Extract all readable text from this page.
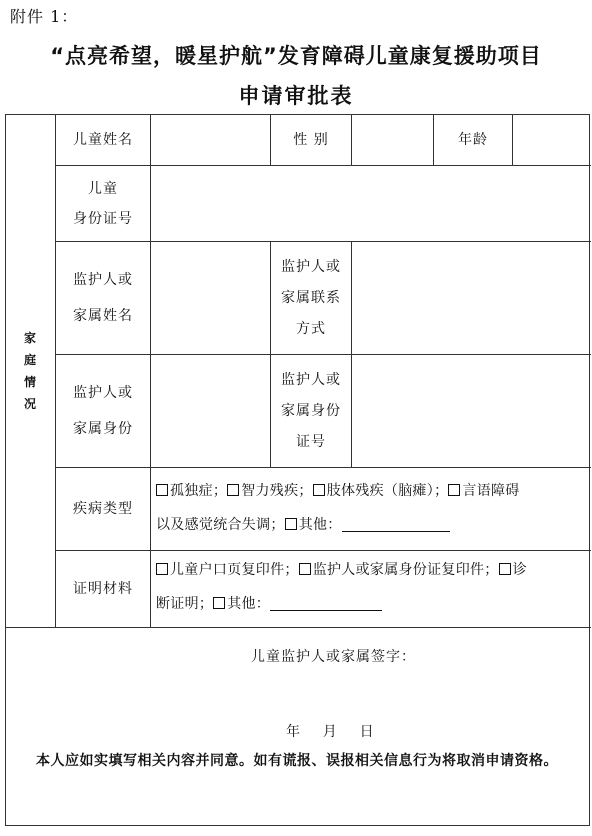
附件 1：
“点亮希望，暖星护航”发育障碍儿童康复援助项目
申请审批表
家
庭
情
况
儿童姓名	性 别	年龄
儿童
身份证号
监护人或
家属姓名
监护人或
家属联系
方式
监护人或
家属身份
监护人或
家属身份
证号
疾病类型
孤独症； 智力残疾； 肢体残疾（脑瘫）； 言语障碍
以及感觉统合失调； 其他：
证明材料
儿童户口页复印件； 监护人或家属身份证复印件； 诊
断证明； 其他：
儿童监护人或家属签字：
年    月    日
本人应如实填写相关内容并同意。如有谎报、误报相关信息行为将取消申请资格。
